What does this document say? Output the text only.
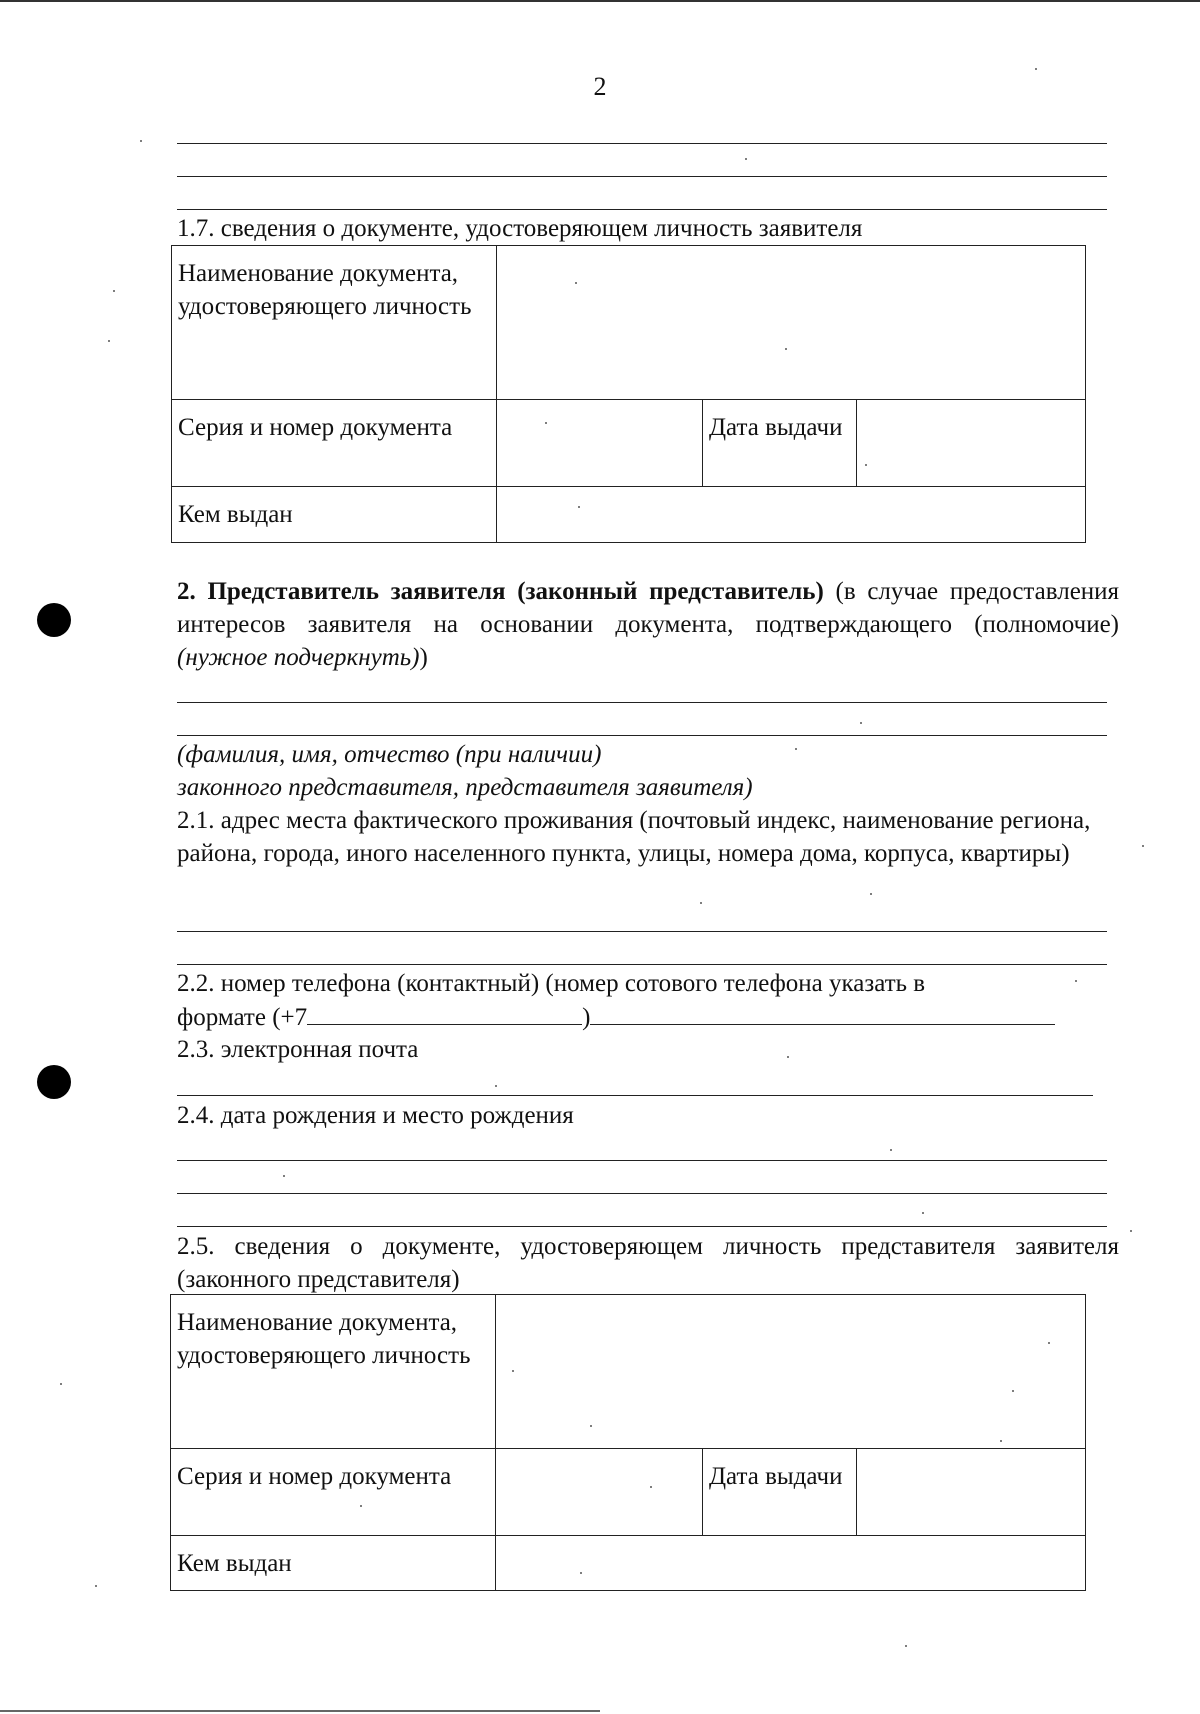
2
1.7. сведения о документе, удостоверяющем личность заявителя
Наименование документа, удостоверяющего личность			
Серия и номер документа		Дата выдачи	
Кем выдан			
2. Представитель заявителя (законный представитель) (в случае предоставления интересов заявителя на основании документа, подтверждающего (полномочие) (нужное подчеркнуть))
(фамилия, имя, отчество (при наличии)
законного представителя, представителя заявителя)
2.1. адрес места фактического проживания (почтовый индекс, наименование региона, района, города, иного населенного пункта, улицы, номера дома, корпуса, квартиры)
2.2. номер телефона (контактный) (номер сотового телефона указать в
формате (+7	)
2.3. электронная почта
2.4. дата рождения и место рождения
2.5. сведения о документе, удостоверяющем личность представителя заявителя (законного представителя)
Наименование документа, удостоверяющего личность			
Серия и номер документа		Дата выдачи	
Кем выдан			
